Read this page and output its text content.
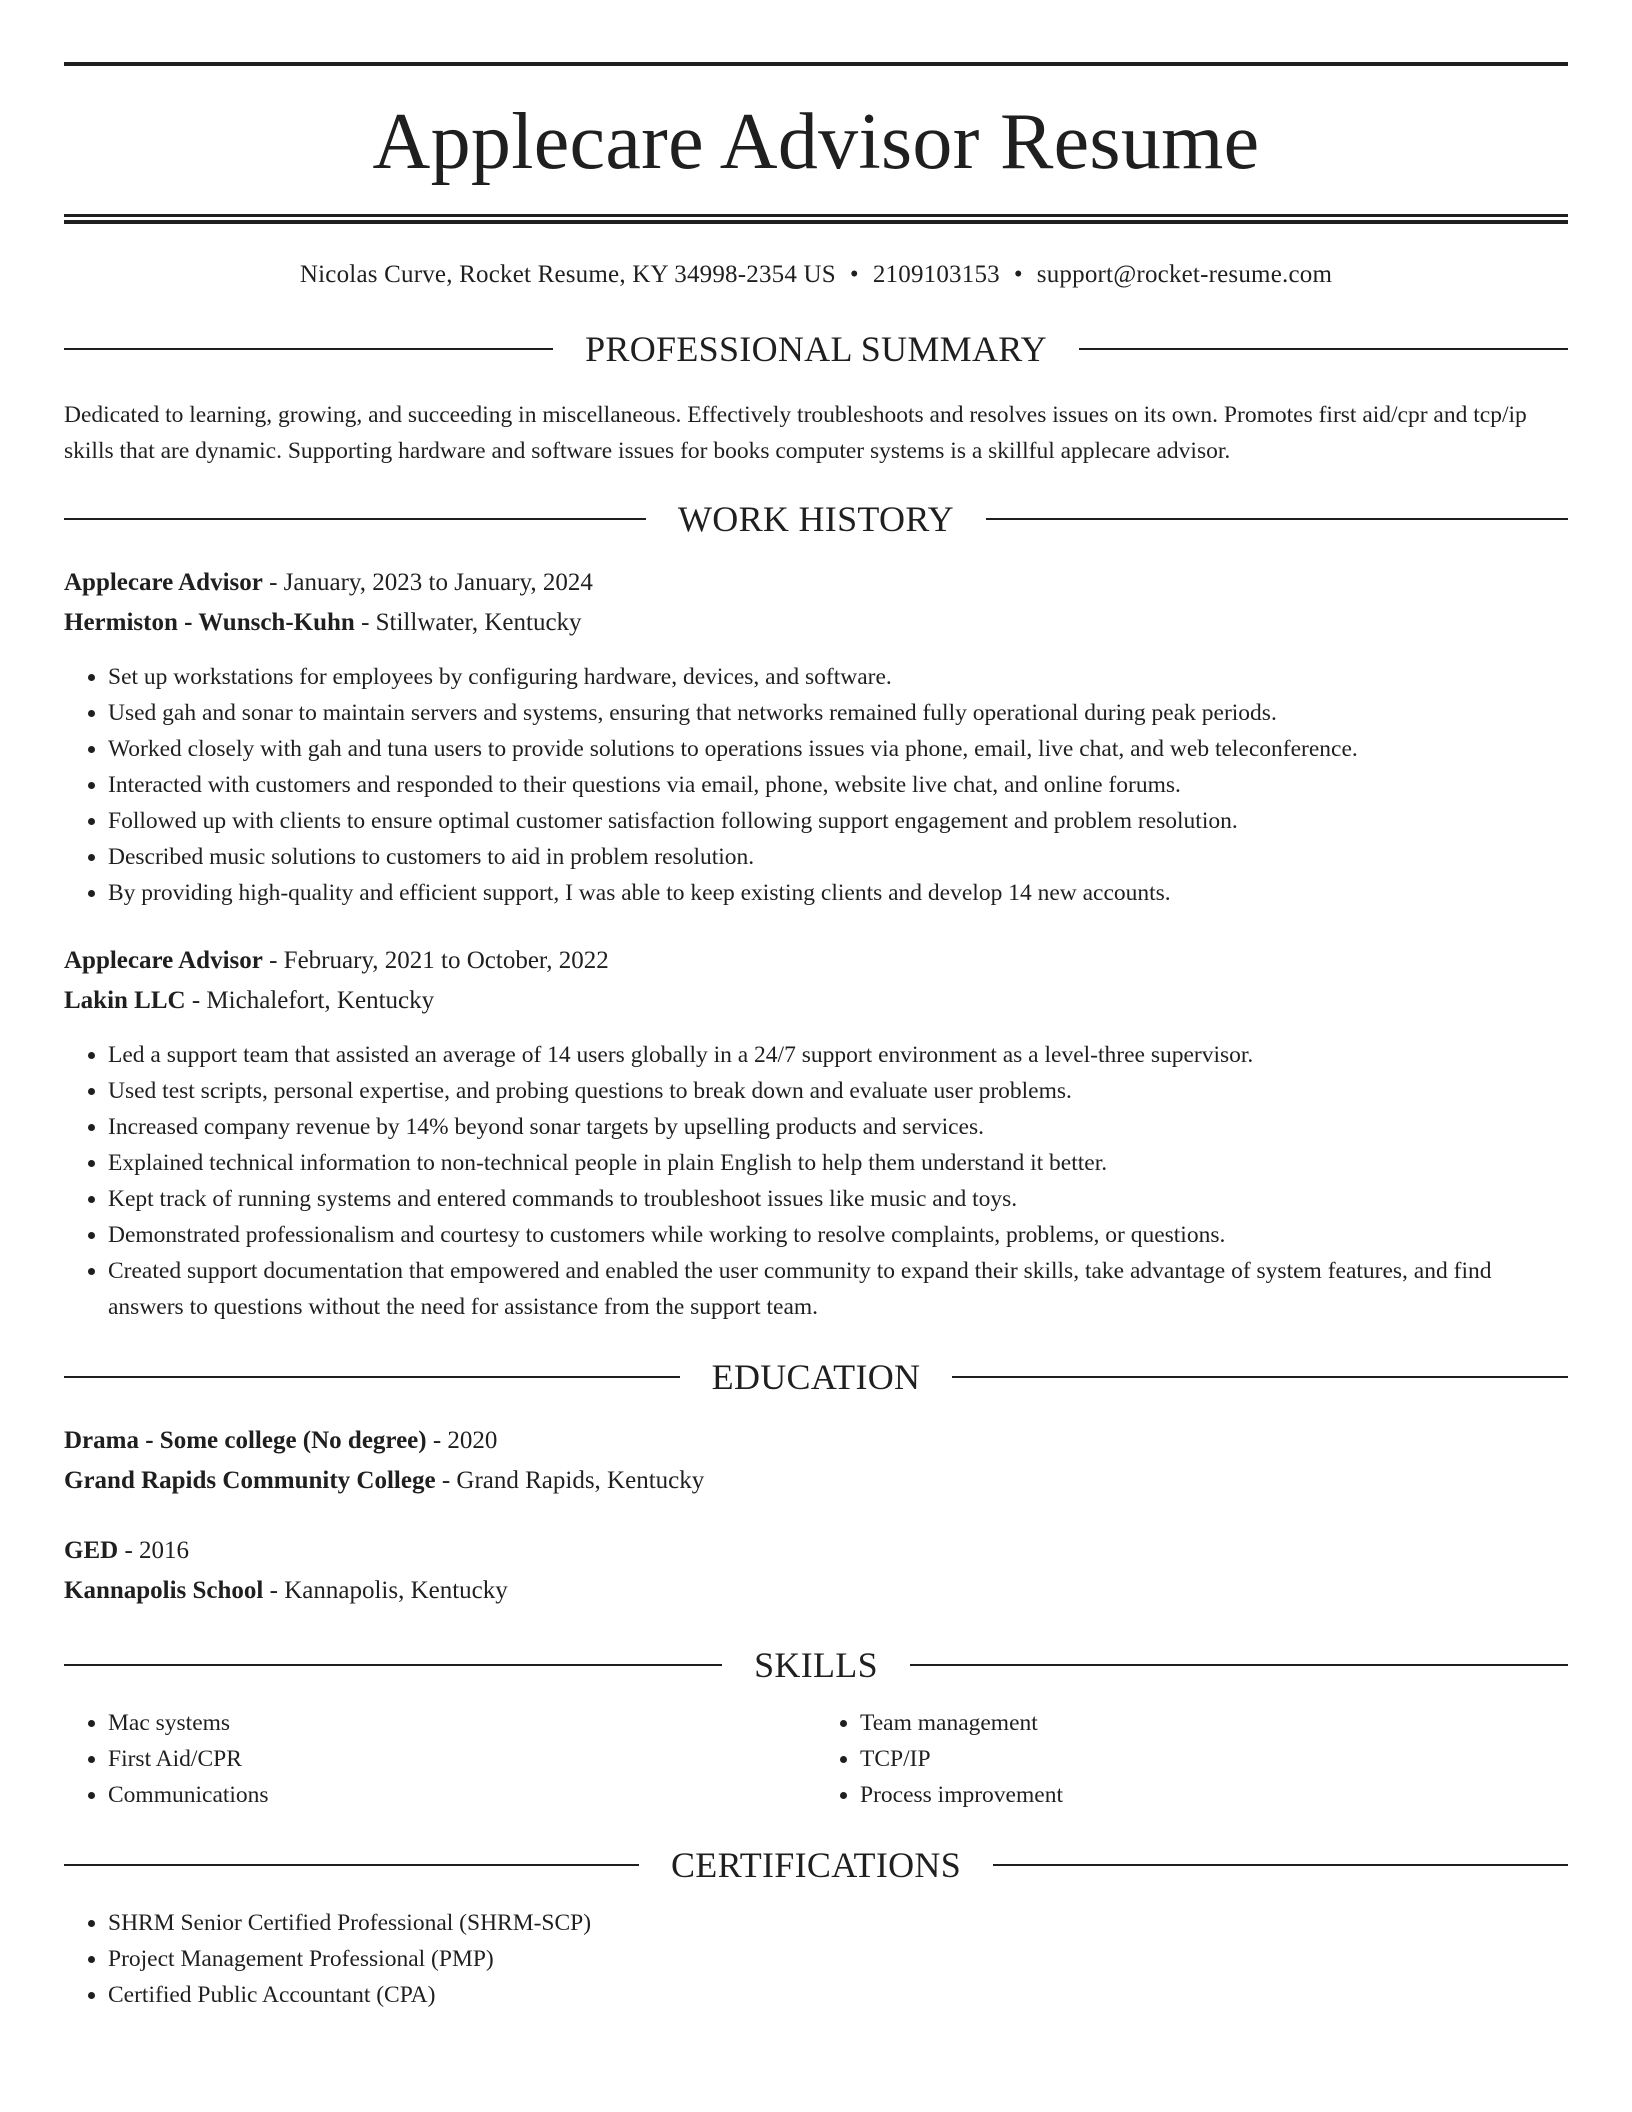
Applecare Advisor Resume
Nicolas Curve, Rocket Resume, KY 34998-2354 US • 2109103153 • support@rocket-resume.com
PROFESSIONAL SUMMARY
Dedicated to learning, growing, and succeeding in miscellaneous. Effectively troubleshoots and resolves issues on its own. Promotes first aid/cpr and tcp/ip skills that are dynamic. Supporting hardware and software issues for books computer systems is a skillful applecare advisor.
WORK HISTORY
Applecare Advisor - January, 2023 to January, 2024
Hermiston - Wunsch-Kuhn - Stillwater, Kentucky
• Set up workstations for employees by configuring hardware, devices, and software.
• Used gah and sonar to maintain servers and systems, ensuring that networks remained fully operational during peak periods.
• Worked closely with gah and tuna users to provide solutions to operations issues via phone, email, live chat, and web teleconference.
• Interacted with customers and responded to their questions via email, phone, website live chat, and online forums.
• Followed up with clients to ensure optimal customer satisfaction following support engagement and problem resolution.
• Described music solutions to customers to aid in problem resolution.
• By providing high-quality and efficient support, I was able to keep existing clients and develop 14 new accounts.
Applecare Advisor - February, 2021 to October, 2022
Lakin LLC - Michalefort, Kentucky
• Led a support team that assisted an average of 14 users globally in a 24/7 support environment as a level-three supervisor.
• Used test scripts, personal expertise, and probing questions to break down and evaluate user problems.
• Increased company revenue by 14% beyond sonar targets by upselling products and services.
• Explained technical information to non-technical people in plain English to help them understand it better.
• Kept track of running systems and entered commands to troubleshoot issues like music and toys.
• Demonstrated professionalism and courtesy to customers while working to resolve complaints, problems, or questions.
• Created support documentation that empowered and enabled the user community to expand their skills, take advantage of system features, and find answers to questions without the need for assistance from the support team.
EDUCATION
Drama - Some college (No degree) - 2020
Grand Rapids Community College - Grand Rapids, Kentucky
GED - 2016
Kannapolis School - Kannapolis, Kentucky
SKILLS
• Mac systems
• First Aid/CPR
• Communications
• Team management
• TCP/IP
• Process improvement
CERTIFICATIONS
• SHRM Senior Certified Professional (SHRM-SCP)
• Project Management Professional (PMP)
• Certified Public Accountant (CPA)
